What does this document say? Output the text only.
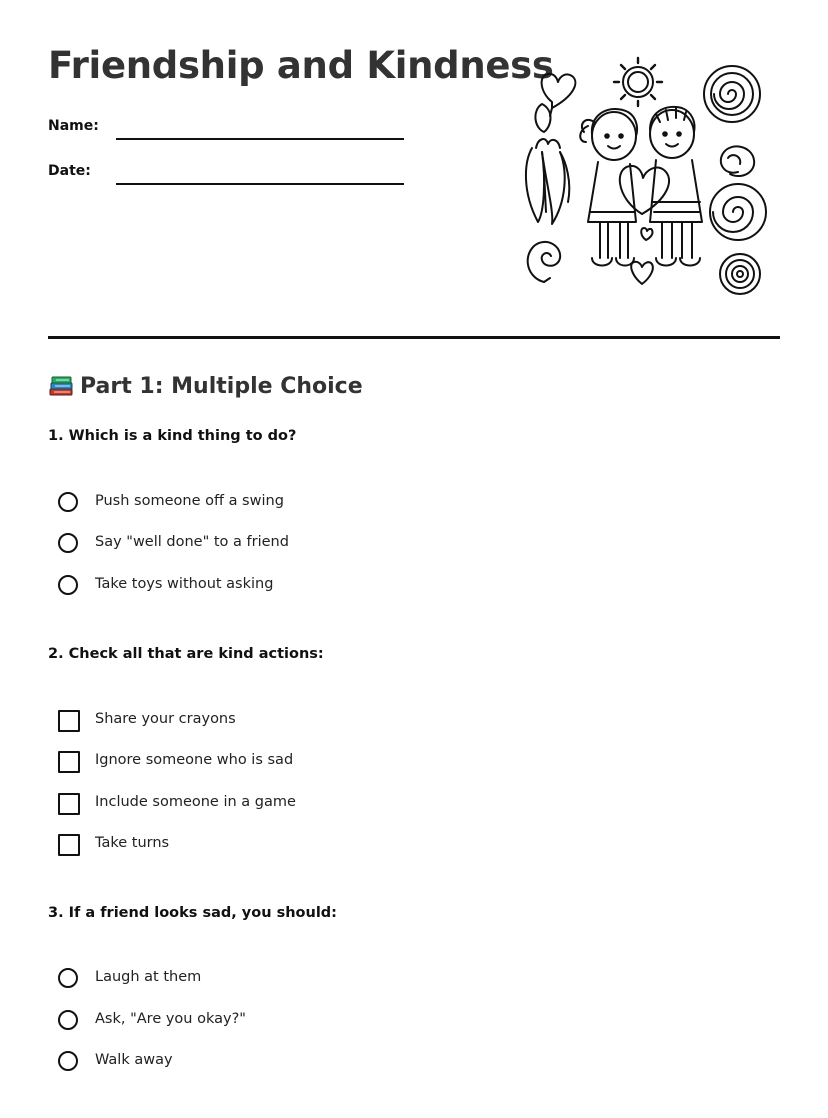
Friendship and Kindness
Name:
Date:
Part 1: Multiple Choice

1. Which is a kind thing to do?

Push someone off a swing
Say "well done" to a friend
Take toys without asking

2. Check all that are kind actions:

Share your crayons
Ignore someone who is sad
Include someone in a game
Take turns

3. If a friend looks sad, you should:

Laugh at them
Ask, "Are you okay?"
Walk away
